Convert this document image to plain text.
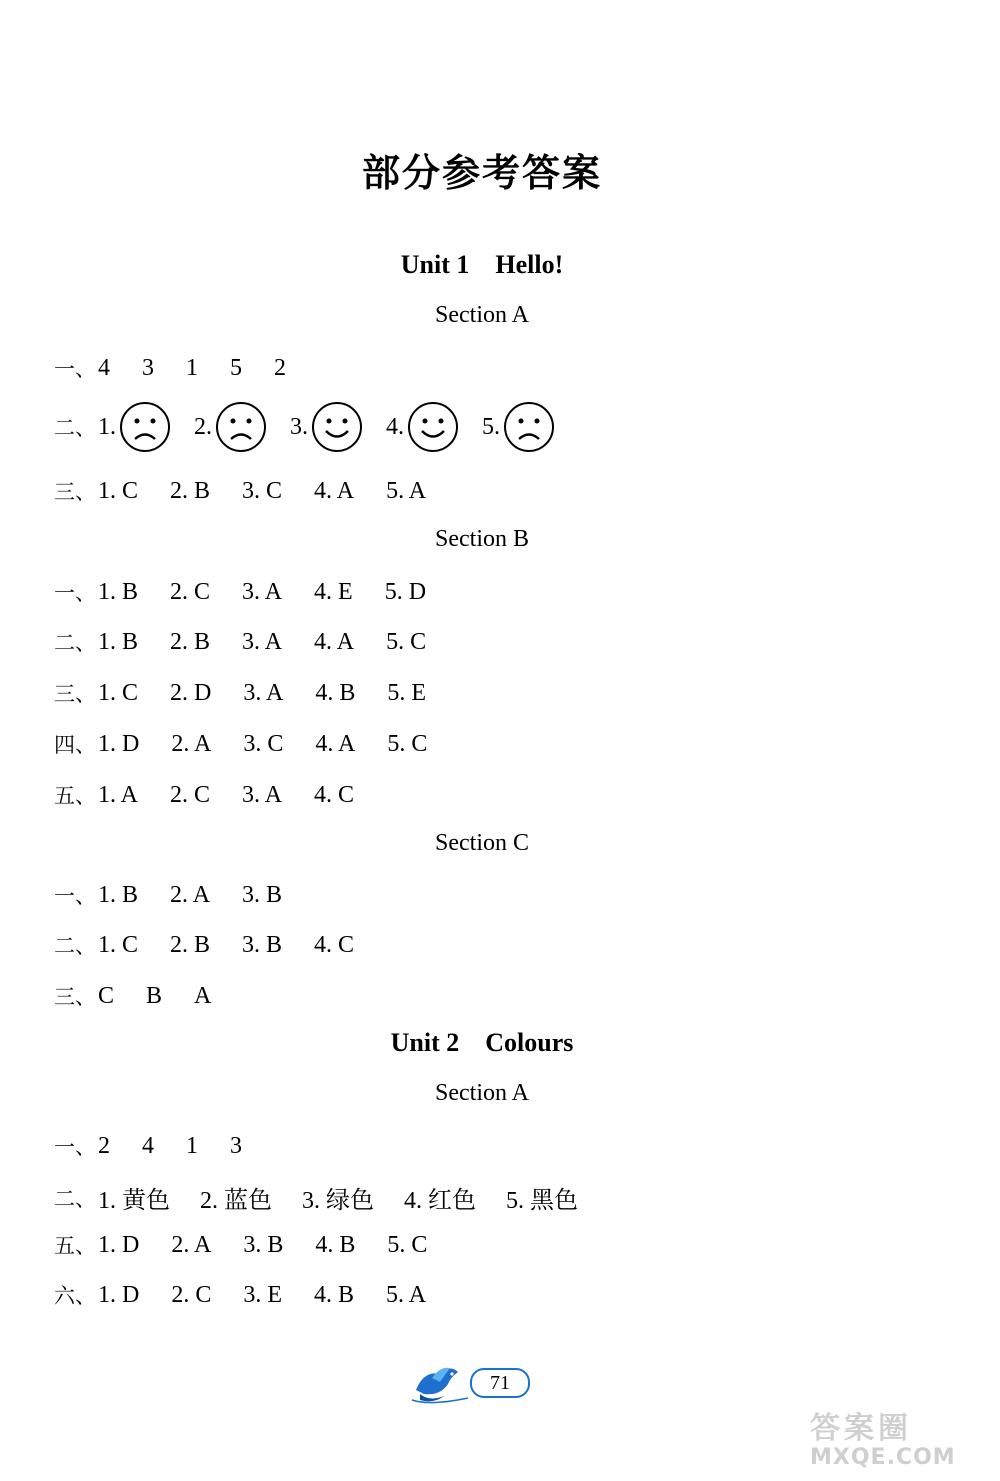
部分参考答案
Unit 1 Hello!
Section A
一、 4 3 1 5 2
二、 1.	2.	3.	4.	5.
三、 1. C 2. B 3. C 4. A 5. A
Section B
一、 1. B 2. C 3. A 4. E 5. D
二、 1. B 2. B 3. A 4. A 5. C
三、 1. C 2. D 3. A 4. B 5. E
四、 1. D 2. A 3. C 4. A 5. C
五、 1. A 2. C 3. A 4. C
Section C
一、 1. B 2. A 3. B
二、 1. C 2. B 3. B 4. C
三、 C B A
Unit 2 Colours
Section A
一、 2 4 1 3
二、 1. 黄色 2. 蓝色 3. 绿色 4. 红色 5. 黑色
五、 1. D 2. A 3. B 4. B 5. C
六、 1. D 2. C 3. E 4. B 5. A
71
答案圈
MXQE.COM
